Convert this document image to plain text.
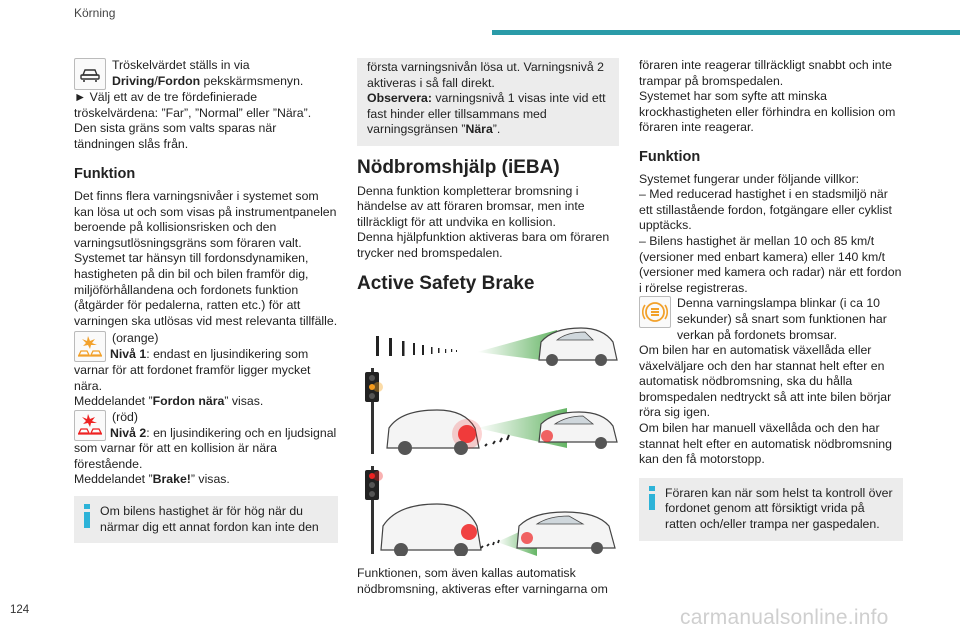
Körning

Tröskelvärdet ställs in via Driving/Fordon pekskärmsmenyn.

► Välj ett av de tre fördefinierade tröskelvärdena: ”Far”, ”Normal” eller ”Nära”.

Den sista gräns som valts sparas när tändningen slås från.

Funktion

Det finns flera varningsnivåer i systemet som kan lösa ut och som visas på instrumentpanelen beroende på kollisionsrisken och den varningsutlösningsgräns som föraren valt.

Systemet tar hänsyn till fordonsdynamiken, hastigheten på din bil och bilen framför dig, miljöförhållandena och fordonets funktion (åtgärder för pedalerna, ratten etc.) för att varningen ska utlösas vid mest relevanta tillfälle.

(orange)

Nivå 1: endast en ljusindikering som varnar för att fordonet framför ligger mycket nära.

Meddelandet ”Fordon nära” visas.

(röd)

Nivå 2: en ljusindikering och en ljudsignal som varnar för att en kollision är nära förestående.

Meddelandet ”Brake!” visas.

Om bilens hastighet är för hög när du närmar dig ett annat fordon kan inte den

första varningsnivån lösa ut. Varningsnivå 2 aktiveras i så fall direkt.

Observera: varningsnivå 1 visas inte vid ett fast hinder eller tillsammans med varningsgränsen ”Nära”.

Nödbromshjälp (iEBA)

Denna funktion kompletterar bromsning i händelse av att föraren bromsar, men inte tillräckligt för att undvika en kollision.

Denna hjälpfunktion aktiveras bara om föraren trycker ned bromspedalen.

Active Safety Brake
Funktionen, som även kallas automatisk nödbromsning, aktiveras efter varningarna om

föraren inte reagerar tillräckligt snabbt och inte trampar på bromspedalen.

Systemet har som syfte att minska krockhastigheten eller förhindra en kollision om föraren inte reagerar.

Funktion

Systemet fungerar under följande villkor:

– Med reducerad hastighet i en stadsmiljö när ett stillastående fordon, fotgängare eller cyklist upptäcks.

– Bilens hastighet är mellan 10 och 85 km/t (versioner med enbart kamera) eller 140 km/t (versioner med kamera och radar) när ett fordon i rörelse registreras.

Denna varningslampa blinkar (i ca 10 sekunder) så snart som funktionen har verkan på fordonets bromsar.

Om bilen har en automatisk växellåda eller växelväljare och den har stannat helt efter en automatisk nödbromsning, ska du hålla bromspedalen nedtryckt så att inte bilen börjar röra sig igen.

Om bilen har manuell växellåda och den har stannat helt efter en automatisk nödbromsning kan den få motorstopp.

Föraren kan när som helst ta kontroll över fordonet genom att försiktigt vrida på ratten och/eller trampa ner gaspedalen.

124	carmanualsonline.info
